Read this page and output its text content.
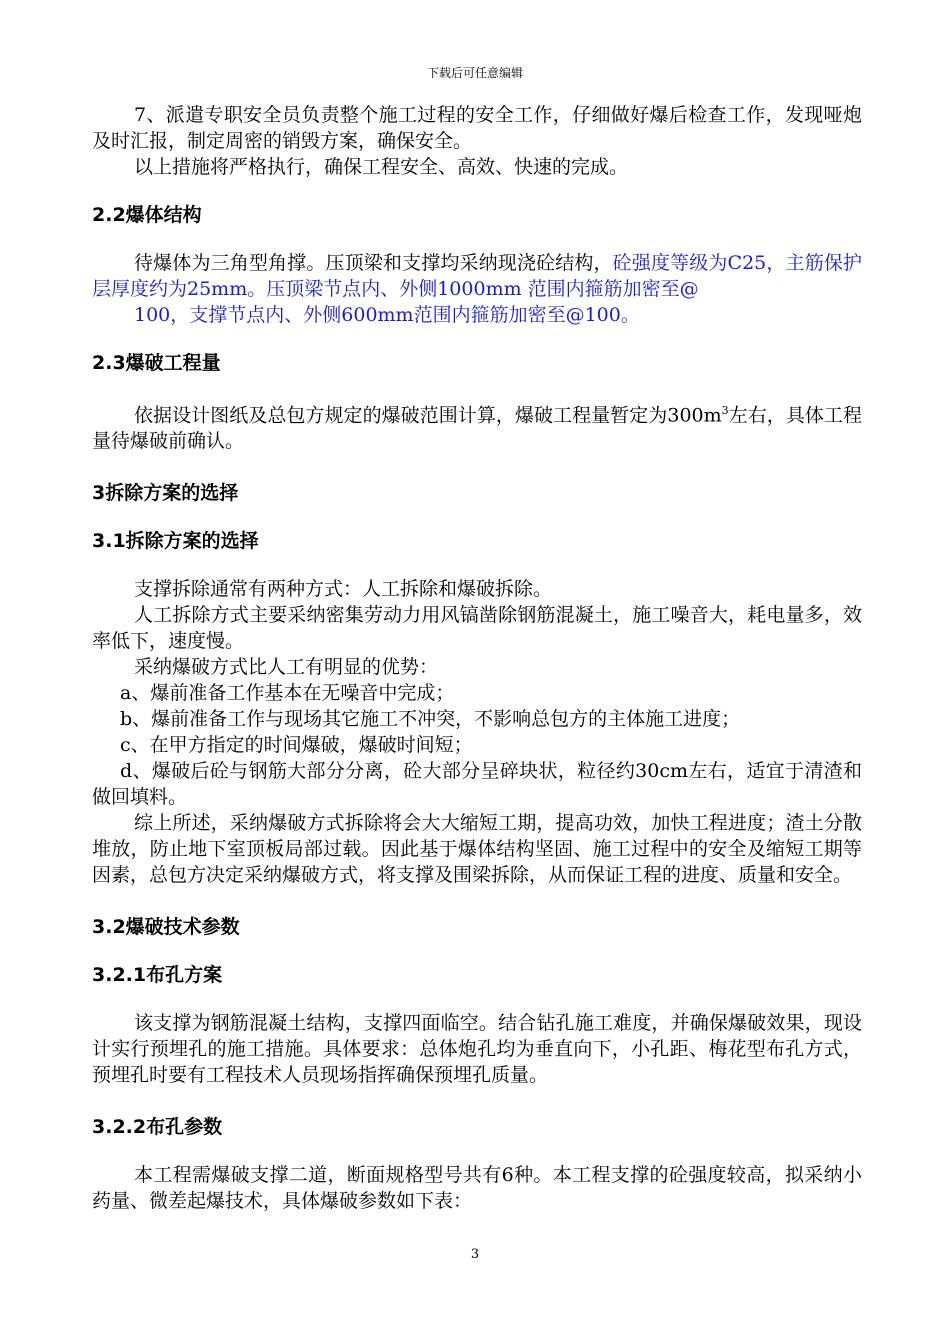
下载后可任意编辑

7、派遣专职安全员负责整个施工过程的安全工作，仔细做好爆后检查工作，发现哑炮及时汇报，制定周密的销毁方案，确保安全。

以上措施将严格执行，确保工程安全、高效、快速的完成。

2.2爆体结构

待爆体为三角型角撑。压顶梁和支撑均采纳现浇砼结构，砼强度等级为C25，主筋保护层厚度约为25mm。压顶梁节点内、外侧1000mm 范围内箍筋加密至@

100，支撑节点内、外侧600mm范围内箍筋加密至@100。

2.3爆破工程量

依据设计图纸及总包方规定的爆破范围计算，爆破工程量暂定为$300m^3$左右，具体工程量待爆破前确认。

3拆除方案的选择
3.1拆除方案的选择

支撑拆除通常有两种方式：人工拆除和爆破拆除。

人工拆除方式主要采纳密集劳动力用风镐凿除钢筋混凝土，施工噪音大，耗电量多，效率低下，速度慢。

采纳爆破方式比人工有明显的优势：

a、爆前准备工作基本在无噪音中完成；

b、爆前准备工作与现场其它施工不冲突，不影响总包方的主体施工进度；

c、在甲方指定的时间爆破，爆破时间短；

d、爆破后砼与钢筋大部分分离，砼大部分呈碎块状，粒径约30cm左右，适宜于清渣和做回填料。

综上所述，采纳爆破方式拆除将会大大缩短工期，提高功效，加快工程进度；渣土分散堆放，防止地下室顶板局部过载。因此基于爆体结构坚固、施工过程中的安全及缩短工期等因素，总包方决定采纳爆破方式，将支撑及围梁拆除，从而保证工程的进度、质量和安全。

3.2爆破技术参数
3.2.1布孔方案

该支撑为钢筋混凝土结构，支撑四面临空。结合钻孔施工难度，并确保爆破效果，现设计实行预埋孔的施工措施。具体要求：总体炮孔均为垂直向下，小孔距、梅花型布孔方式，预埋孔时要有工程技术人员现场指挥确保预埋孔质量。

3.2.2布孔参数

本工程需爆破支撑二道，断面规格型号共有6种。本工程支撑的砼强度较高，拟采纳小药量、微差起爆技术，具体爆破参数如下表：

3
